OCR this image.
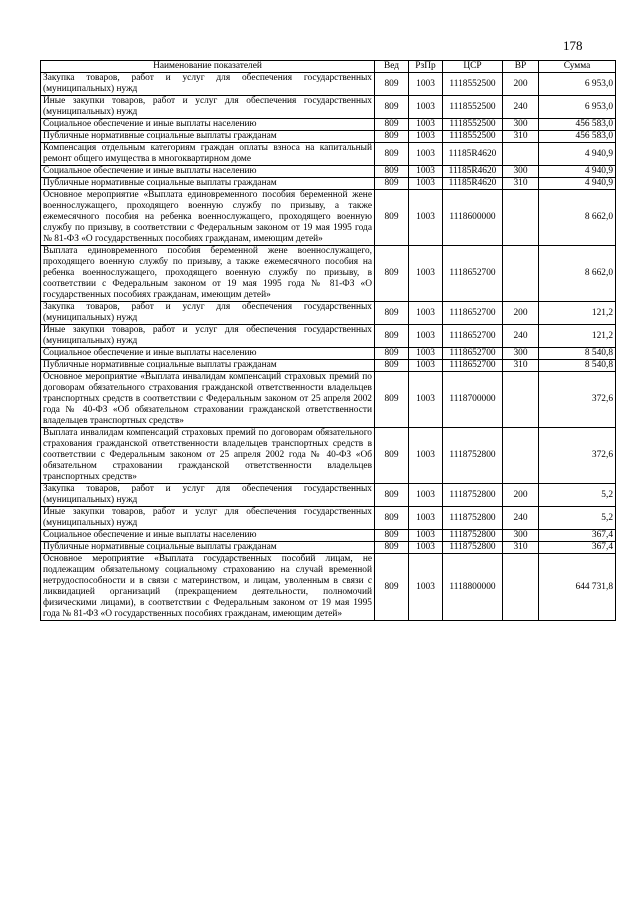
178
Наименование показателей	Вед	РзПр	ЦСР	ВР	Сумма
Закупка товаров, работ и услуг для обеспечения государственных (муниципальных) нужд	809	1003	1118552500	200	6 953,0
Иные закупки товаров, работ и услуг для обеспечения государственных (муниципальных) нужд	809	1003	1118552500	240	6 953,0
Социальное обеспечение и иные выплаты населению	809	1003	1118552500	300	456 583,0
Публичные нормативные социальные выплаты гражданам	809	1003	1118552500	310	456 583,0
Компенсация отдельным категориям граждан оплаты взноса на капитальный ремонт общего имущества в многоквартирном доме	809	1003	11185R4620		4 940,9
Социальное обеспечение и иные выплаты населению	809	1003	11185R4620	300	4 940,9
Публичные нормативные социальные выплаты гражданам	809	1003	11185R4620	310	4 940,9
Основное мероприятие «Выплата единовременного пособия беременной жене военнослужащего, проходящего военную службу по призыву, а также ежемесячного пособия на ребенка военнослужащего, проходящего военную службу по призыву, в соответствии с Федеральным законом от 19 мая 1995 года № 81-ФЗ «О государственных пособиях гражданам, имеющим детей»	809	1003	1118600000		8 662,0
Выплата единовременного пособия беременной жене военнослужащего, проходящего военную службу по призыву, а также ежемесячного пособия на ребенка военнослужащего, проходящего военную службу по призыву, в соответствии с Федеральным законом от 19 мая 1995 года № 81-ФЗ «О государственных пособиях гражданам, имеющим детей»	809	1003	1118652700		8 662,0
Закупка товаров, работ и услуг для обеспечения государственных (муниципальных) нужд	809	1003	1118652700	200	121,2
Иные закупки товаров, работ и услуг для обеспечения государственных (муниципальных) нужд	809	1003	1118652700	240	121,2
Социальное обеспечение и иные выплаты населению	809	1003	1118652700	300	8 540,8
Публичные нормативные социальные выплаты гражданам	809	1003	1118652700	310	8 540,8
Основное мероприятие «Выплата инвалидам компенсаций страховых премий по договорам обязательного страхования гражданской ответственности владельцев транспортных средств в соответствии с Федеральным законом от 25 апреля 2002 года № 40-ФЗ «Об обязательном страховании гражданской ответственности владельцев транспортных средств»	809	1003	1118700000		372,6
Выплата инвалидам компенсаций страховых премий по договорам обязательного страхования гражданской ответственности владельцев транспортных средств в соответствии с Федеральным законом от 25 апреля 2002 года № 40-ФЗ «Об обязательном страховании гражданской ответственности владельцев транспортных средств»	809	1003	1118752800		372,6
Закупка товаров, работ и услуг для обеспечения государственных (муниципальных) нужд	809	1003	1118752800	200	5,2
Иные закупки товаров, работ и услуг для обеспечения государственных (муниципальных) нужд	809	1003	1118752800	240	5,2
Социальное обеспечение и иные выплаты населению	809	1003	1118752800	300	367,4
Публичные нормативные социальные выплаты гражданам	809	1003	1118752800	310	367,4
Основное мероприятие «Выплата государственных пособий лицам, не подлежащим обязательному социальному страхованию на случай временной нетрудоспособности и в связи с материнством, и лицам, уволенным в связи с ликвидацией организаций (прекращением деятельности, полномочий физическими лицами), в соответствии с Федеральным законом от 19 мая 1995 года № 81-ФЗ «О государственных пособиях гражданам, имеющим детей»	809	1003	1118800000		644 731,8
